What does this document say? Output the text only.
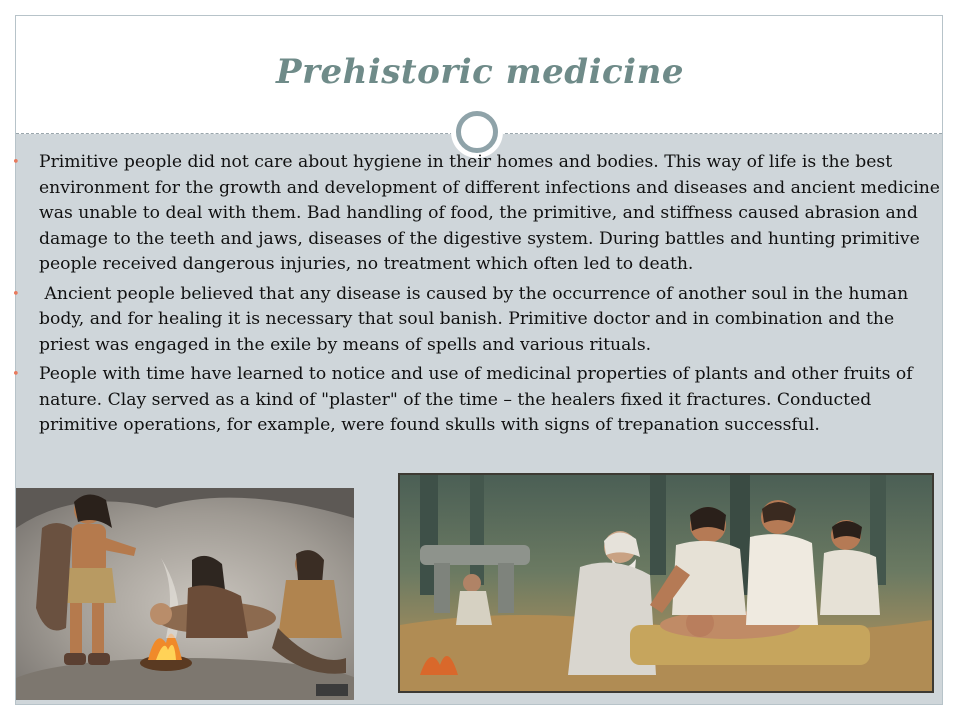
Prehistoric medicine
• Primitive people did not care about hygiene in their homes and bodies. This way of life is the best environment for the growth and development of different infections and diseases and ancient medicine was unable to deal with them. Bad handling of food, the primitive, and stiffness caused abrasion and damage to the teeth and jaws, diseases of the digestive system. During battles and hunting primitive people received dangerous injuries, no treatment which often led to death.
• Ancient people believed that any disease is caused by the occurrence of another soul in the human body, and for healing it is necessary that soul banish. Primitive doctor and in combination and the priest was engaged in the exile by means of spells and various rituals.
• People with time have learned to notice and use of medicinal properties of plants and other fruits of nature. Clay served as a kind of "plaster" of the time – the healers fixed it fractures. Conducted primitive operations, for example, were found skulls with signs of trepanation successful.
